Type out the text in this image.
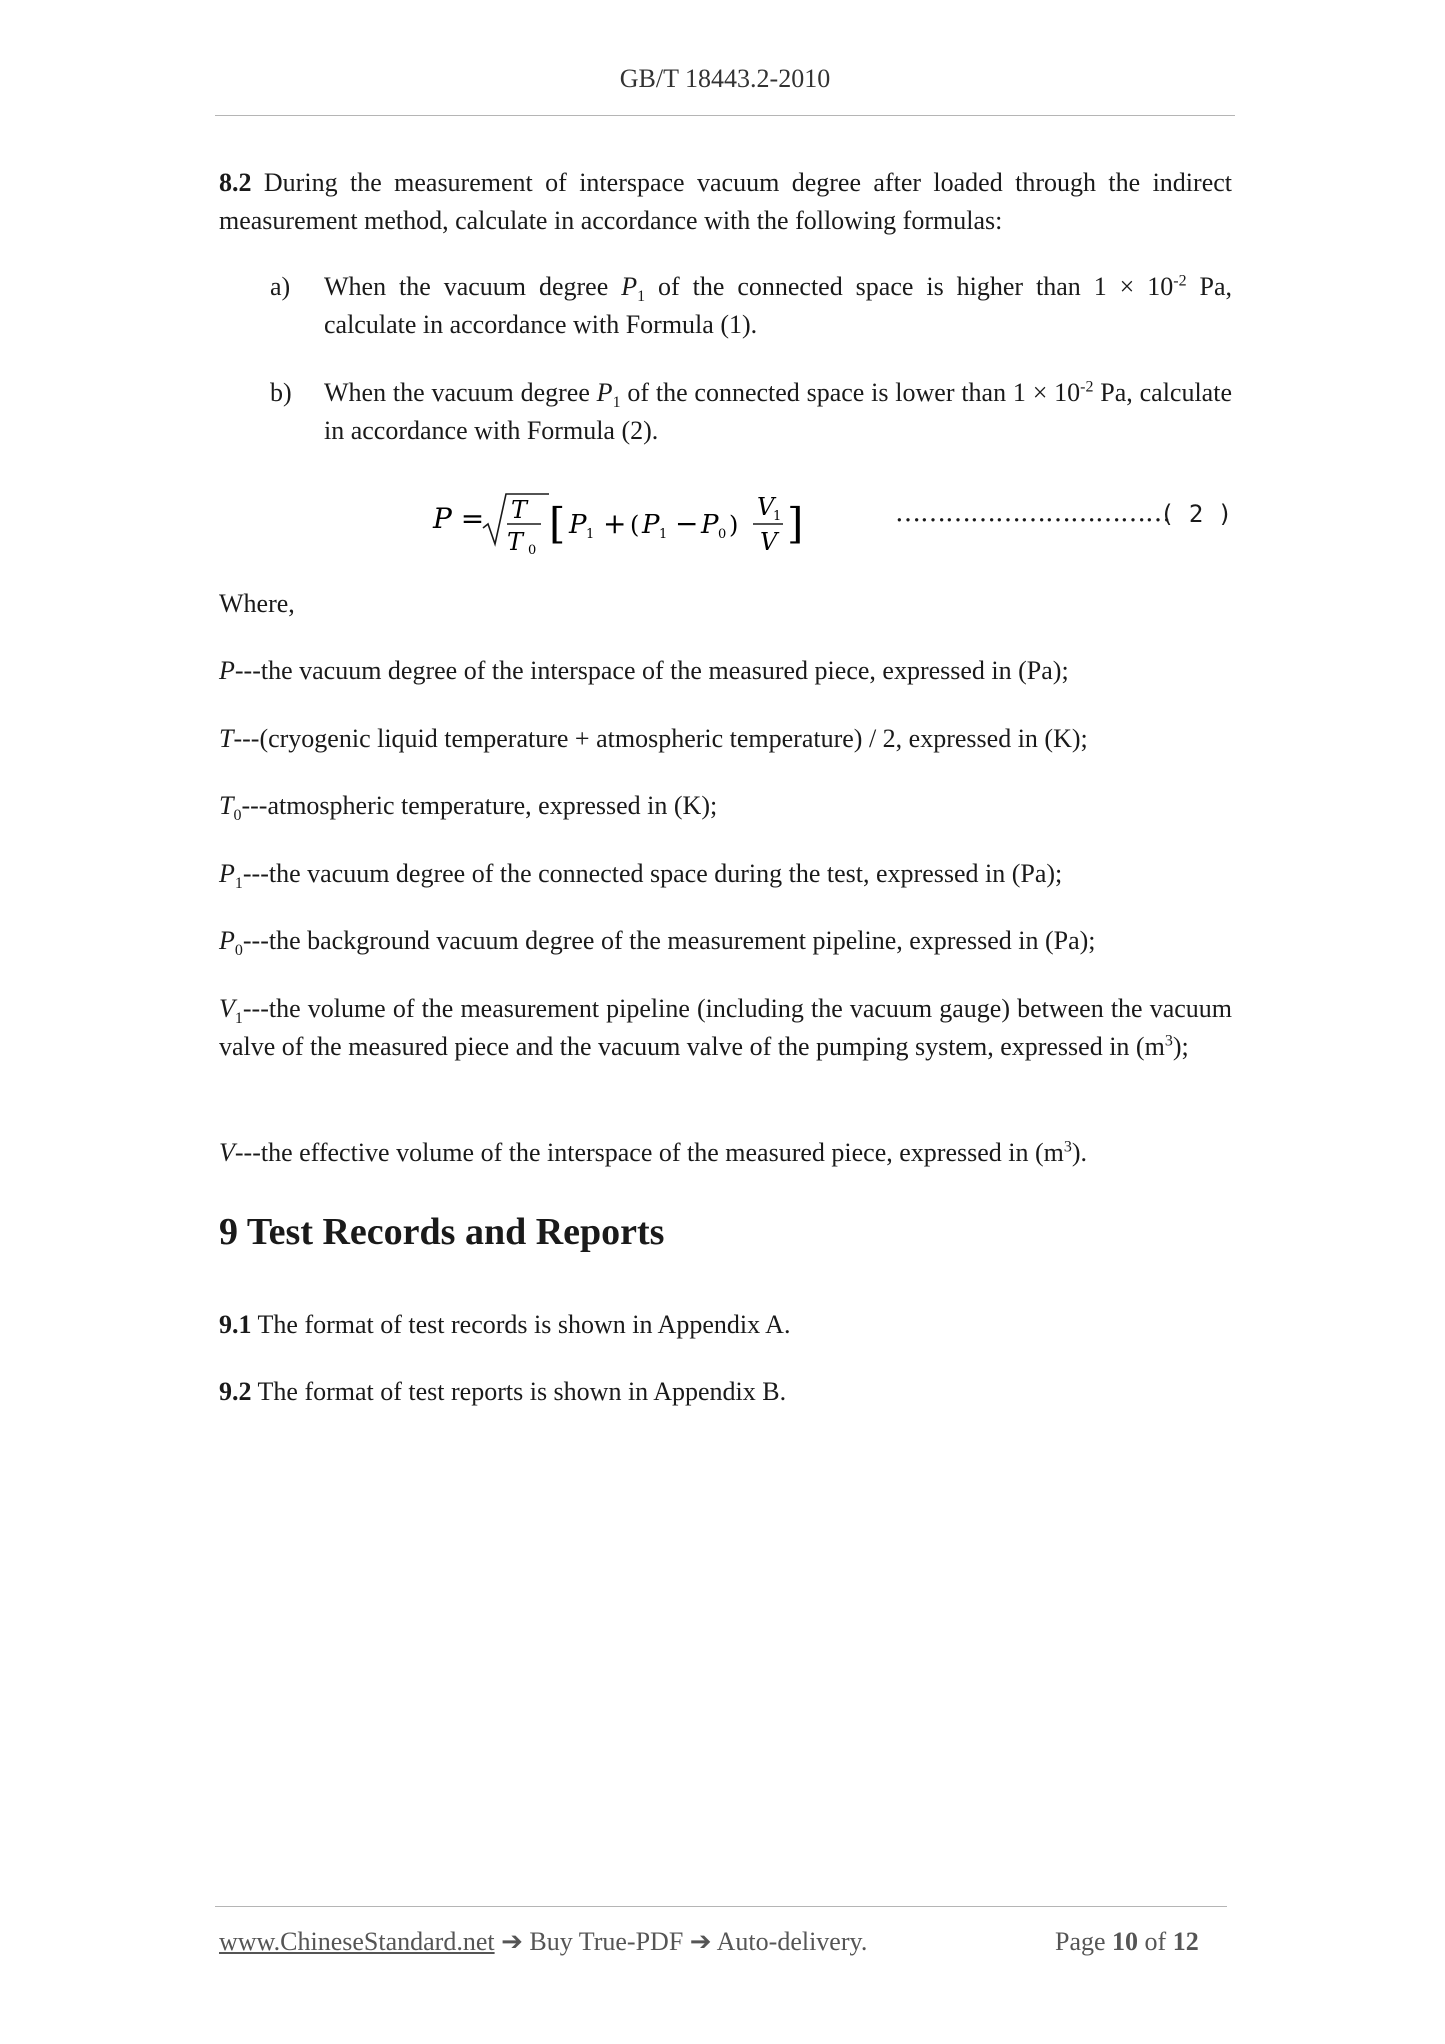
GB/T 18443.2-2010
8.2 During the measurement of interspace vacuum degree after loaded through the indirect measurement method, calculate in accordance with the following formulas:
a) When the vacuum degree $P_1$ of the connected space is higher than $1 \times 10^{-2}$ Pa, calculate in accordance with Formula (1).
b) When the vacuum degree $P_1$ of the connected space is lower than $1 \times 10^{-2}$ Pa, calculate in accordance with Formula (2).
P = T
T 0
[ P 1 + ( P 1 − P 0 )
V
1
V ]	……………………………
( 2 )
Where,
P---the vacuum degree of the interspace of the measured piece, expressed in (Pa);
T---(cryogenic liquid temperature + atmospheric temperature) / 2, expressed in (K);
$T_0--$-atmospheric temperature, expressed in (K);
$P_1--$-the vacuum degree of the connected space during the test, expressed in (Pa);
$P_0--$-the background vacuum degree of the measurement pipeline, expressed in (Pa);
$V_1--$-the volume of the measurement pipeline (including the vacuum gauge) between the vacuum valve of the measured piece and the vacuum valve of the pumping system, expressed in $(m^3)$;
V---the effective volume of the interspace of the measured piece, expressed in $(m^3)$.
9 Test Records and Reports
9.1 The format of test records is shown in Appendix A.
9.2 The format of test reports is shown in Appendix B.
www.ChineseStandard.net ➔ Buy True-PDF ➔ Auto-delivery.	Page 10 of 12
